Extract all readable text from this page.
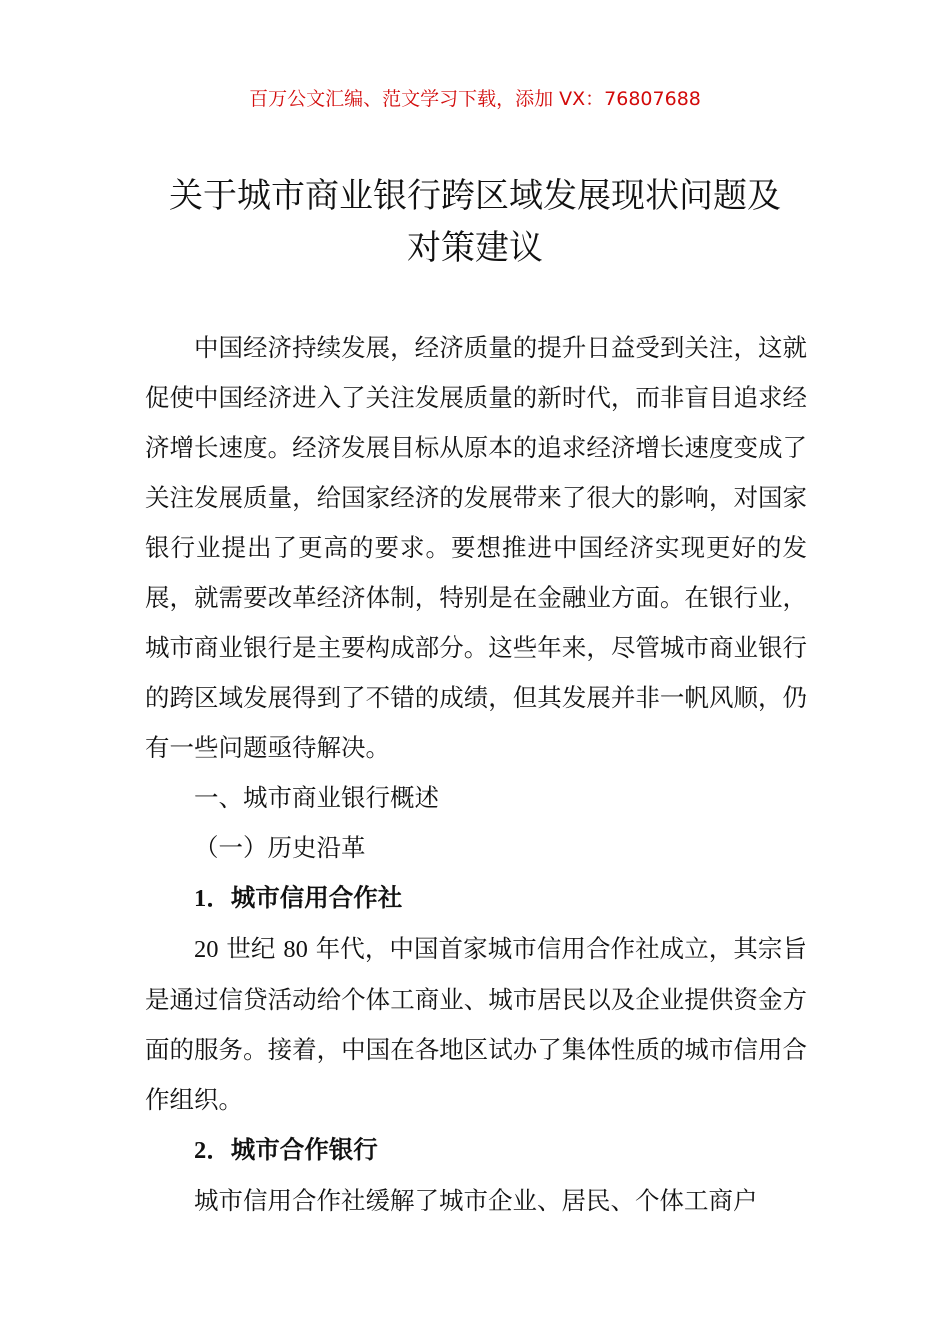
百万公文汇编、范文学习下载，添加 VX：76807688
关于城市商业银行跨区域发展现状问题及
对策建议

中国经济持续发展，经济质量的提升日益受到关注，这就促使中国经济进入了关注发展质量的新时代，而非盲目追求经济增长速度。经济发展目标从原本的追求经济增长速度变成了关注发展质量，给国家经济的发展带来了很大的影响，对国家银行业提出了更高的要求。要想推进中国经济实现更好的发展，就需要改革经济体制，特别是在金融业方面。在银行业，城市商业银行是主要构成部分。这些年来，尽管城市商业银行的跨区域发展得到了不错的成绩，但其发展并非一帆风顺，仍有一些问题亟待解决。

一、城市商业银行概述

（一）历史沿革

1．城市信用合作社

20 世纪 80 年代，中国首家城市信用合作社成立，其宗旨是通过信贷活动给个体工商业、城市居民以及企业提供资金方面的服务。接着，中国在各地区试办了集体性质的城市信用合作组织。

2．城市合作银行

城市信用合作社缓解了城市企业、居民、个体工商户
